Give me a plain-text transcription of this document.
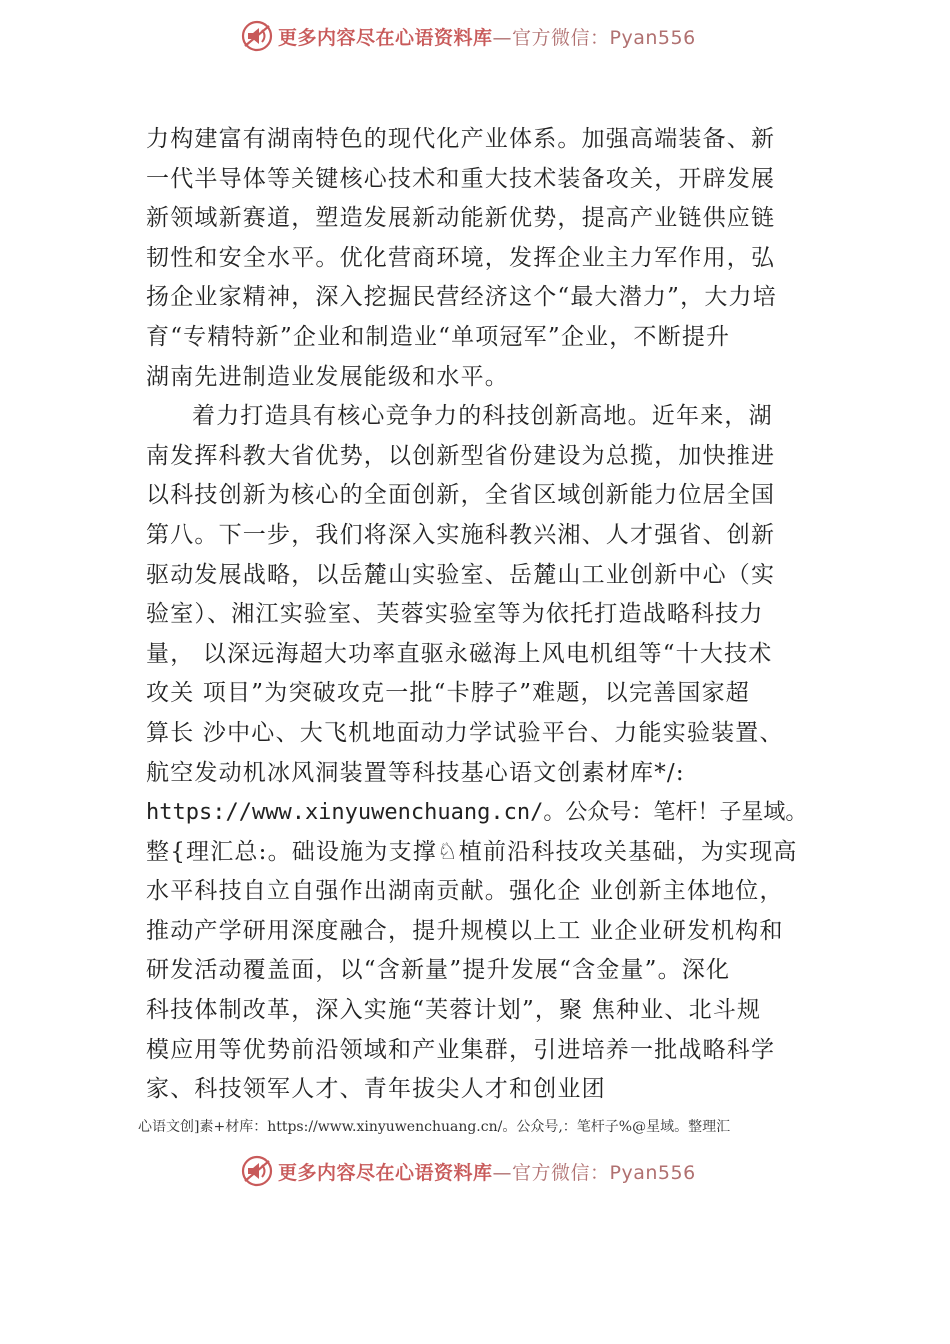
更多内容尽在心语资料库—官方微信：Pyan556
力构建富有湖南特色的现代化产业体系。加强高端装备、新
一代半导体等关键核心技术和重大技术装备攻关，开辟发展
新领域新赛道，塑造发展新动能新优势，提高产业链供应链
韧性和安全水平。优化营商环境，发挥企业主力军作用，弘
扬企业家精神，深入挖掘民营经济这个“最大潜力”，大力培
育“专精特新”企业和制造业“单项冠军”企业，不断提升
湖南先进制造业发展能级和水平。
着力打造具有核心竞争力的科技创新高地。近年来，湖
南发挥科教大省优势，以创新型省份建设为总揽，加快推进
以科技创新为核心的全面创新，全省区域创新能力位居全国
第八。下一步，我们将深入实施科教兴湘、人才强省、创新
驱动发展战略，以岳麓山实验室、岳麓山工业创新中心（实
验室）、湘江实验室、芙蓉实验室等为依托打造战略科技力
量， 以深远海超大功率直驱永磁海上风电机组等“十大技术
攻关 项目”为突破攻克一批“卡脖子”难题，以完善国家超
算长 沙中心、大飞机地面动力学试验平台、力能实验装置、
航空发动机冰风洞装置等科技基心语文创素材库*/:
https://www.xinyuwenchuang.cn/。公众号：笔杆！子星域。
整{理汇总:。础设施为支撑♘植前沿科技攻关基础，为实现高
水平科技自立自强作出湖南贡献。强化企 业创新主体地位，
推动产学研用深度融合，提升规模以上工 业企业研发机构和
研发活动覆盖面，以“含新量”提升发展“含金量”。深化
科技体制改革，深入实施“芙蓉计划”，聚 焦种业、北斗规
模应用等优势前沿领域和产业集群，引进培养一批战略科学
家、科技领军人才、青年拔尖人才和创业团
心语文创]素+材库：https://www.xinyuwenchuang.cn/。公众号,：笔杆子%@星域。整理汇
更多内容尽在心语资料库—官方微信：Pyan556
